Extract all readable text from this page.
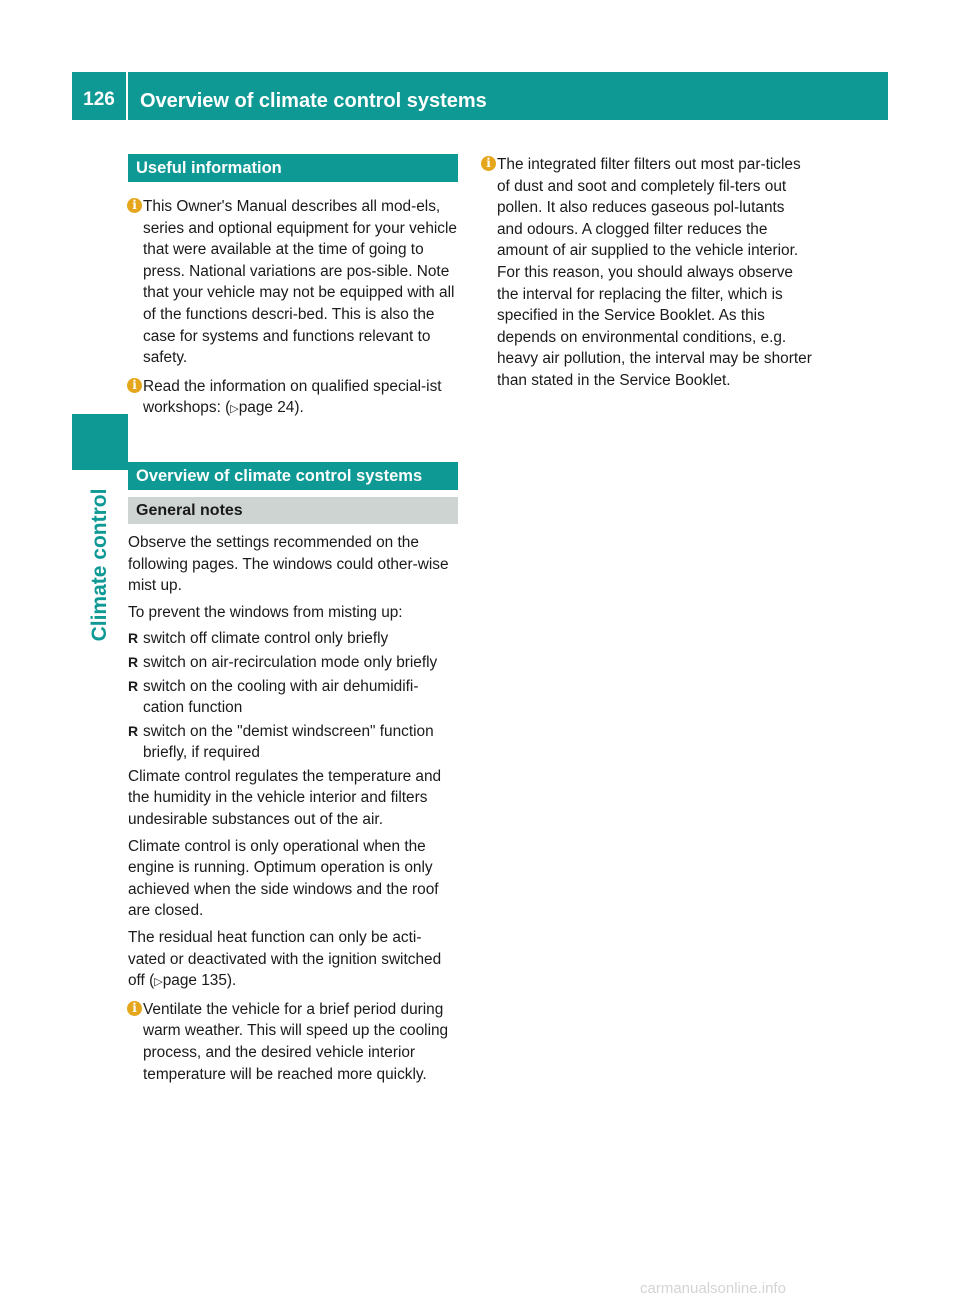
126	Overview of climate control systems
Climate control
Useful information
i This Owner's Manual describes all mod-els, series and optional equipment for your vehicle that were available at the time of going to press. National variations are pos-sible. Note that your vehicle may not be equipped with all of the functions descri-bed. This is also the case for systems and functions relevant to safety.
i Read the information on qualified special-ist workshops: (▷page 24).
Overview of climate control systems
General notes

Observe the settings recommended on the following pages. The windows could other-wise mist up.

To prevent the windows from misting up:

R switch off climate control only briefly
R switch on air-recirculation mode only briefly
R switch on the cooling with air dehumidifi-cation function
R switch on the "demist windscreen" function briefly, if required

Climate control regulates the temperature and the humidity in the vehicle interior and filters undesirable substances out of the air.

Climate control is only operational when the engine is running. Optimum operation is only achieved when the side windows and the roof are closed.

The residual heat function can only be acti-vated or deactivated with the ignition switched off (▷page 135).

i Ventilate the vehicle for a brief period during warm weather. This will speed up the cooling process, and the desired vehicle interior temperature will be reached more quickly.
i The integrated filter filters out most par-ticles of dust and soot and completely fil-ters out pollen. It also reduces gaseous pol-lutants and odours. A clogged filter reduces the amount of air supplied to the vehicle interior. For this reason, you should always observe the interval for replacing the filter, which is specified in the Service Booklet. As this depends on environmental conditions, e.g. heavy air pollution, the interval may be shorter than stated in the Service Booklet.
carmanualsonline.info
